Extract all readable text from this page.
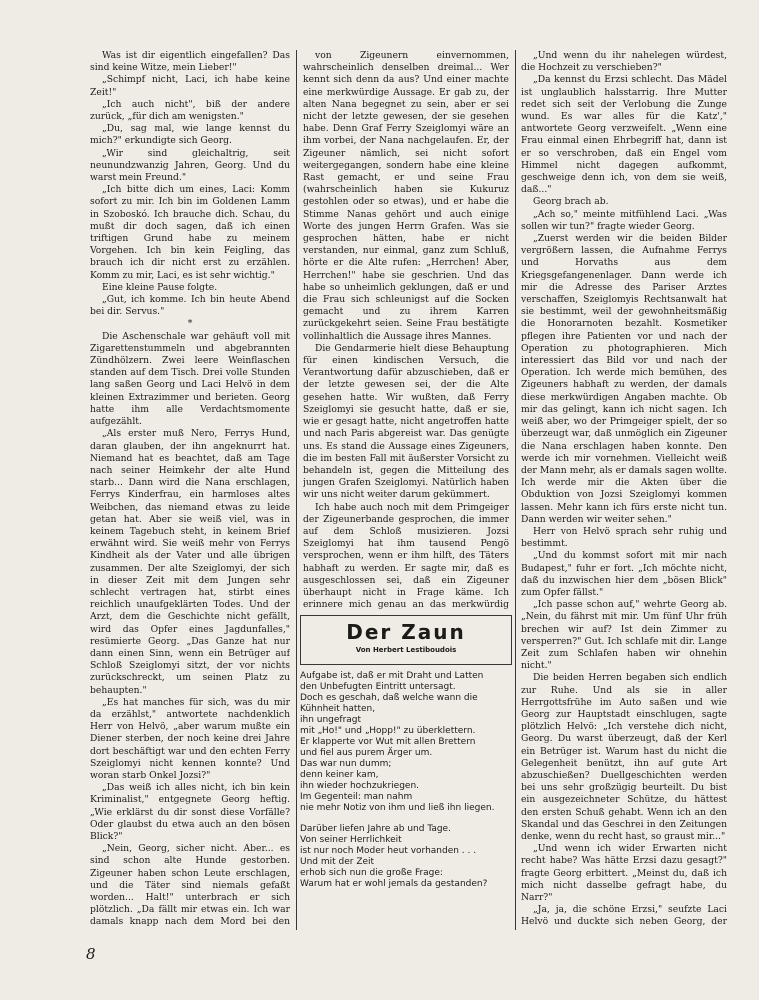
Was ist dir eigentlich eingefallen? Das sind keine Witze, mein Lieber!"

„Schimpf nicht, Laci, ich habe keine Zeit!"

„Ich auch nicht", biß der andere zurück, „für dich am wenigsten."

„Du, sag mal, wie lange kennst du mich?" erkundigte sich Georg.

„Wir sind gleichaltrig, seit neunundzwanzig Jahren, Georg. Und du warst mein Freund."

„Ich bitte dich um eines, Laci: Komm sofort zu mir. Ich bin im Goldenen Lamm in Szoboskó. Ich brauche dich. Schau, du mußt dir doch sagen, daß ich einen triftigen Grund habe zu meinem Vorgehen. Ich bin kein Feigling, das brauch ich dir nicht erst zu erzählen. Komm zu mir, Laci, es ist sehr wichtig."

Eine kleine Pause folgte.

„Gut, ich komme. Ich bin heute Abend bei dir. Servus."

*

Die Aschenschale war gehäuft voll mit Zigarettenstummeln und abgebrannten Zündhölzern. Zwei leere Weinflaschen standen auf dem Tisch. Drei volle Stunden lang saßen Georg und Laci Helvö in dem kleinen Extrazimmer und berieten. Georg hatte ihm alle Verdachtsmomente aufgezählt.

„Als erster muß Nero, Ferrys Hund, daran glauben, der ihn angeknurrt hat. Niemand hat es beachtet, daß am Tage nach seiner Heimkehr der alte Hund starb... Dann wird die Nana erschlagen, Ferrys Kinderfrau, ein harmloses altes Weibchen, das niemand etwas zu leide getan hat. Aber sie weiß viel, was in keinem Tagebuch steht, in keinem Brief erwähnt wird. Sie weiß mehr von Ferrys Kindheit als der Vater und alle übrigen zusammen. Der alte Szeiglomyi, der sich in dieser Zeit mit dem Jungen sehr schlecht vertragen hat, stirbt eines reichlich unaufgeklärten Todes. Und der Arzt, dem die Geschichte nicht gefällt, wird das Opfer eines Jagdunfalles," resümierte Georg. „Das Ganze hat nur dann einen Sinn, wenn ein Betrüger auf Schloß Szeiglomyi sitzt, der vor nichts zurückschreckt, um seinen Platz zu behaupten."

„Es hat manches für sich, was du mir da erzählst," antwortete nachdenklich Herr von Helvö, „aber warum mußte ein Diener sterben, der noch keine drei Jahre dort beschäftigt war und den echten Ferry Szeiglomyi nicht kennen konnte? Und woran starb Onkel Jozsi?"

„Das weiß ich alles nicht, ich bin kein Kriminalist," entgegnete Georg heftig. „Wie erklärst du dir sonst diese Vorfälle? Oder glaubst du etwa auch an den bösen Blick?"

„Nein, Georg, sicher nicht. Aber... es sind schon alte Hunde gestorben. Zigeuner haben schon Leute erschlagen, und die Täter sind niemals gefaßt worden... Halt!" unterbrach er sich plötzlich. „Da fällt mir etwas ein. Ich war damals knapp nach dem Mord bei den

von Zigeunern einvernommen, wahrscheinlich denselben dreimal... Wer kennt sich denn da aus? Und einer machte eine merkwürdige Aussage. Er gab zu, der alten Nana begegnet zu sein, aber er sei nicht der letzte gewesen, der sie gesehen habe. Denn Graf Ferry Szeiglomyi wäre an ihm vorbei, der Nana nachgelaufen. Er, der Zigeuner nämlich, sei nicht sofort weitergegangen, sondern habe eine kleine Rast gemacht, er und seine Frau (wahrscheinlich haben sie Kukuruz gestohlen oder so etwas), und er habe die Stimme Nanas gehört und auch einige Worte des jungen Herrn Grafen. Was sie gesprochen hätten, habe er nicht verstanden, nur einmal, ganz zum Schluß, hörte er die Alte rufen: „Herrchen! Aber, Herrchen!" habe sie geschrien. Und das habe so unheimlich geklungen, daß er und die Frau sich schleunigst auf die Socken gemacht und zu ihrem Karren zurückgekehrt seien. Seine Frau bestätigte vollinhaltlich die Aussage ihres Mannes.

Die Gendarmerie hielt diese Behauptung für einen kindischen Versuch, die Verantwortung dafür abzuschieben, daß er der letzte gewesen sei, der die Alte gesehen hatte. Wir wußten, daß Ferry Szeiglomyi sie gesucht hatte, daß er sie, wie er gesagt hatte, nicht angetroffen hatte und nach Paris abgereist war. Das genügte uns. Es stand die Aussage eines Zigeuners, die im besten Fall mit äußerster Vorsicht zu behandeln ist, gegen die Mitteilung des jungen Grafen Szeiglomyi. Natürlich haben wir uns nicht weiter darum gekümmert.

Ich habe auch noch mit dem Primgeiger der Zigeunerbande gesprochen, die immer auf dem Schloß musizieren. Jozsi Szeiglomyi hat ihm tausend Pengö versprochen, wenn er ihm hilft, des Täters habhaft zu werden. Er sagte mir, daß es ausgeschlossen sei, daß ein Zigeuner überhaupt nicht in Frage käme. Ich erinnere mich genau an das merkwürdig

„Und wenn du ihr nahelegen würdest, die Hochzeit zu verschieben?"

„Da kennst du Erzsi schlecht. Das Mädel ist unglaublich halsstarrig. Ihre Mutter redet sich seit der Verlobung die Zunge wund. Es war alles für die Katz'," antwortete Georg verzweifelt. „Wenn eine Frau einmal einen Ehrbegriff hat, dann ist er so verschroben, daß ein Engel vom Himmel nicht dagegen aufkommt, geschweige denn ich, von dem sie weiß, daß..."

Georg brach ab.

„Ach so," meinte mitfühlend Laci. „Was sollen wir tun?" fragte wieder Georg.

„Zuerst werden wir die beiden Bilder vergrößern lassen, die Aufnahme Ferrys und Horvaths aus dem Kriegsgefangenenlager. Dann werde ich mir die Adresse des Pariser Arztes verschaffen, Szeiglomyis Rechtsanwalt hat sie bestimmt, weil der gewohnheitsmäßig die Honorarnoten bezahlt. Kosmetiker pflegen ihre Patienten vor und nach der Operation zu photographieren. Mich interessiert das Bild vor und nach der Operation. Ich werde mich bemühen, des Zigeuners habhaft zu werden, der damals diese merkwürdigen Angaben machte. Ob mir das gelingt, kann ich nicht sagen. Ich weiß aber, wo der Primgeiger spielt, der so überzeugt war, daß unmöglich ein Zigeuner die Nana erschlagen haben konnte. Den werde ich mir vornehmen. Vielleicht weiß der Mann mehr, als er damals sagen wollte. Ich werde mir die Akten über die Obduktion von Jozsi Szeiglomyi kommen lassen. Mehr kann ich fürs erste nicht tun. Dann werden wir weiter sehen."

Herr von Helvö sprach sehr ruhig und bestimmt.

„Und du kommst sofort mit mir nach Budapest," fuhr er fort. „Ich möchte nicht, daß du inzwischen hier dem „bösen Blick" zum Opfer fällst."

„Ich passe schon auf," wehrte Georg ab. „Nein, du fährst mit mir. Um fünf Uhr früh brechen wir auf? Ist dein Zimmer zu versperren?" Gut. Ich schlafe mit dir. Lange Zeit zum Schlafen haben wir ohnehin nicht."

Die beiden Herren begaben sich endlich zur Ruhe. Und als sie in aller Herrgottsfrühe im Auto saßen und wie Georg zur Hauptstadt einschlugen, sagte plötzlich Helvö: „Ich verstehe dich nicht, Georg. Du warst überzeugt, daß der Kerl ein Betrüger ist. Warum hast du nicht die Gelegenheit benützt, ihn auf gute Art abzuschießen? Duellgeschichten werden bei uns sehr großzügig beurteilt. Du bist ein ausgezeichneter Schütze, du hättest den ersten Schuß gehabt. Wenn ich an den Skandal und das Geschrei in den Zeitungen denke, wenn du recht hast, so graust mir..."

„Und wenn ich wider Erwarten nicht recht habe? Was hätte Erzsi dazu gesagt?" fragte Georg erbittert. „Meinst du, daß ich mich nicht dasselbe gefragt habe, du Narr?"

„Ja, ja, die schöne Erzsi," seufzte Laci Helvö und duckte sich neben Georg, der

Der Zaun
Von Herbert Lestiboudois
Aufgabe ist, daß er mit Draht und Latten
den Unbefugten Eintritt untersagt.
Doch es geschah, daß welche wann die
Kühnheit hatten,
ihn ungefragt
mit „Ho!" und „Hopp!" zu überklettern.
Er klapperte vor Wut mit allen Brettern
und fiel aus purem Ärger um.
Das war nun dumm;
denn keiner kam,
ihn wieder hochzukriegen.
Im Gegenteil: man nahm
nie mehr Notiz von ihm und ließ ihn liegen.
Darüber liefen Jahre ab und Tage.
Von seiner Herrlichkeit
ist nur noch Moder heut vorhanden . . .
Und mit der Zeit
erhob sich nun die große Frage:
Warum hat er wohl jemals da gestanden?
8
